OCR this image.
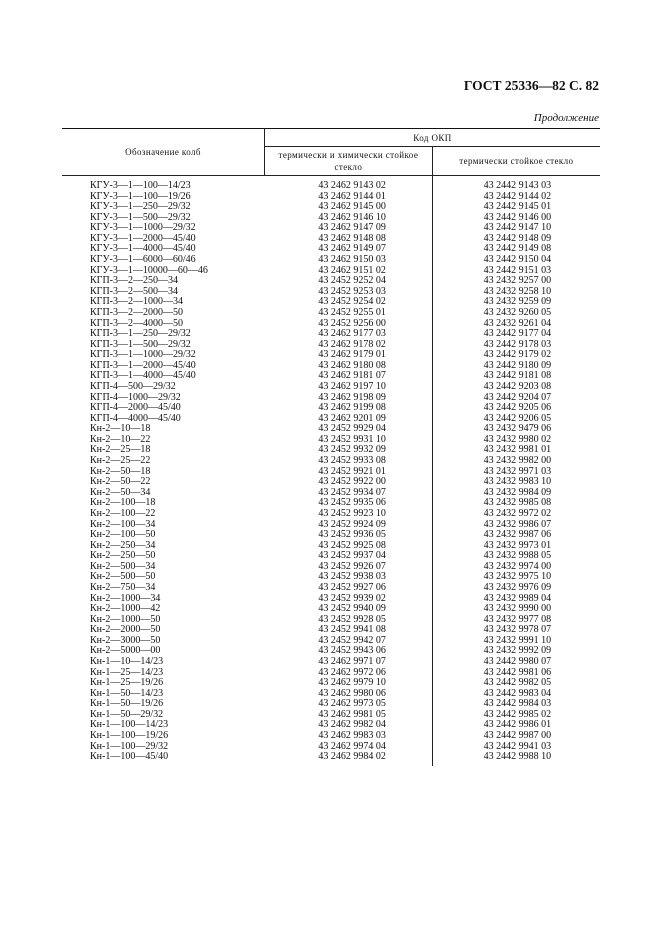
ГОСТ 25336—82 С. 82
Продолжение
Обозначение колб	Код ОКП	
	термически и химически стойкое стекло	термически стойкое стекло
КГУ-3—1—100—14/23	43 2462 9143 02	43 2442 9143 03
КГУ-3—1—100—19/26	43 2462 9144 01	43 2442 9144 02
КГУ-3—1—250—29/32	43 2462 9145 00	43 2442 9145 01
КГУ-3—1—500—29/32	43 2462 9146 10	43 2442 9146 00
КГУ-3—1—1000—29/32	43 2462 9147 09	43 2442 9147 10
КГУ-3—1—2000—45/40	43 2462 9148 08	43 2442 9148 09
КГУ-3—1—4000—45/40	43 2462 9149 07	43 2442 9149 08
КГУ-3—1—6000—60/46	43 2462 9150 03	43 2442 9150 04
КГУ-3—1—10000—60—46	43 2462 9151 02	43 2442 9151 03
КГП-3—2—250—34	43 2452 9252 04	43 2432 9257 00
КГП-3—2—500—34	43 2452 9253 03	43 2432 9258 10
КГП-3—2—1000—34	43 2452 9254 02	43 2432 9259 09
КГП-3—2—2000—50	43 2452 9255 01	43 2432 9260 05
КГП-3—2—4000—50	43 2452 9256 00	43 2432 9261 04
КГП-3—1—250—29/32	43 2462 9177 03	43 2442 9177 04
КГП-3—1—500—29/32	43 2462 9178 02	43 2442 9178 03
КГП-3—1—1000—29/32	43 2462 9179 01	43 2442 9179 02
КГП-3—1—2000—45/40	43 2462 9180 08	43 2442 9180 09
КГП-3—1—4000—45/40	43 2462 9181 07	43 2442 9181 08
КГП-4—500—29/32	43 2462 9197 10	43 2442 9203 08
КГП-4—1000—29/32	43 2462 9198 09	43 2442 9204 07
КГП-4—2000—45/40	43 2462 9199 08	43 2442 9205 06
КГП-4—4000—45/40	43 2462 9201 09	43 2442 9206 05
Кн-2—10—18	43 2452 9929 04	43 2432 9479 06
Кн-2—10—22	43 2452 9931 10	43 2432 9980 02
Кн-2—25—18	43 2452 9932 09	43 2432 9981 01
Кн-2—25—22	43 2452 9933 08	43 2432 9982 00
Кн-2—50—18	43 2452 9921 01	43 2432 9971 03
Кн-2—50—22	43 2452 9922 00	43 2432 9983 10
Кн-2—50—34	43 2452 9934 07	43 2432 9984 09
Кн-2—100—18	43 2452 9935 06	43 2432 9985 08
Кн-2—100—22	43 2452 9923 10	43 2432 9972 02
Кн-2—100—34	43 2452 9924 09	43 2432 9986 07
Кн-2—100—50	43 2452 9936 05	43 2432 9987 06
Кн-2—250—34	43 2452 9925 08	43 2432 9973 01
Кн-2—250—50	43 2452 9937 04	43 2432 9988 05
Кн-2—500—34	43 2452 9926 07	43 2432 9974 00
Кн-2—500—50	43 2452 9938 03	43 2432 9975 10
Кн-2—750—34	43 2452 9927 06	43 2432 9976 09
Кн-2—1000—34	43 2452 9939 02	43 2432 9989 04
Кн-2—1000—42	43 2452 9940 09	43 2432 9990 00
Кн-2—1000—50	43 2452 9928 05	43 2432 9977 08
Кн-2—2000—50	43 2452 9941 08	43 2432 9978 07
Кн-2—3000—50	43 2452 9942 07	43 2432 9991 10
Кн-2—5000—00	43 2452 9943 06	43 2432 9992 09
Кн-1—10—14/23	43 2462 9971 07	43 2442 9980 07
Кн-1—25—14/23	43 2462 9972 06	43 2442 9981 06
Кн-1—25—19/26	43 2462 9979 10	43 2442 9982 05
Кн-1—50—14/23	43 2462 9980 06	43 2442 9983 04
Кн-1—50—19/26	43 2462 9973 05	43 2442 9984 03
Кн-1—50—29/32	43 2462 9981 05	43 2442 9985 02
Кн-1—100—14/23	43 2462 9982 04	43 2442 9986 01
Кн-1—100—19/26	43 2462 9983 03	43 2442 9987 00
Кн-1—100—29/32	43 2462 9974 04	43 2442 9941 03
Кн-1—100—45/40	43 2462 9984 02	43 2442 9988 10
